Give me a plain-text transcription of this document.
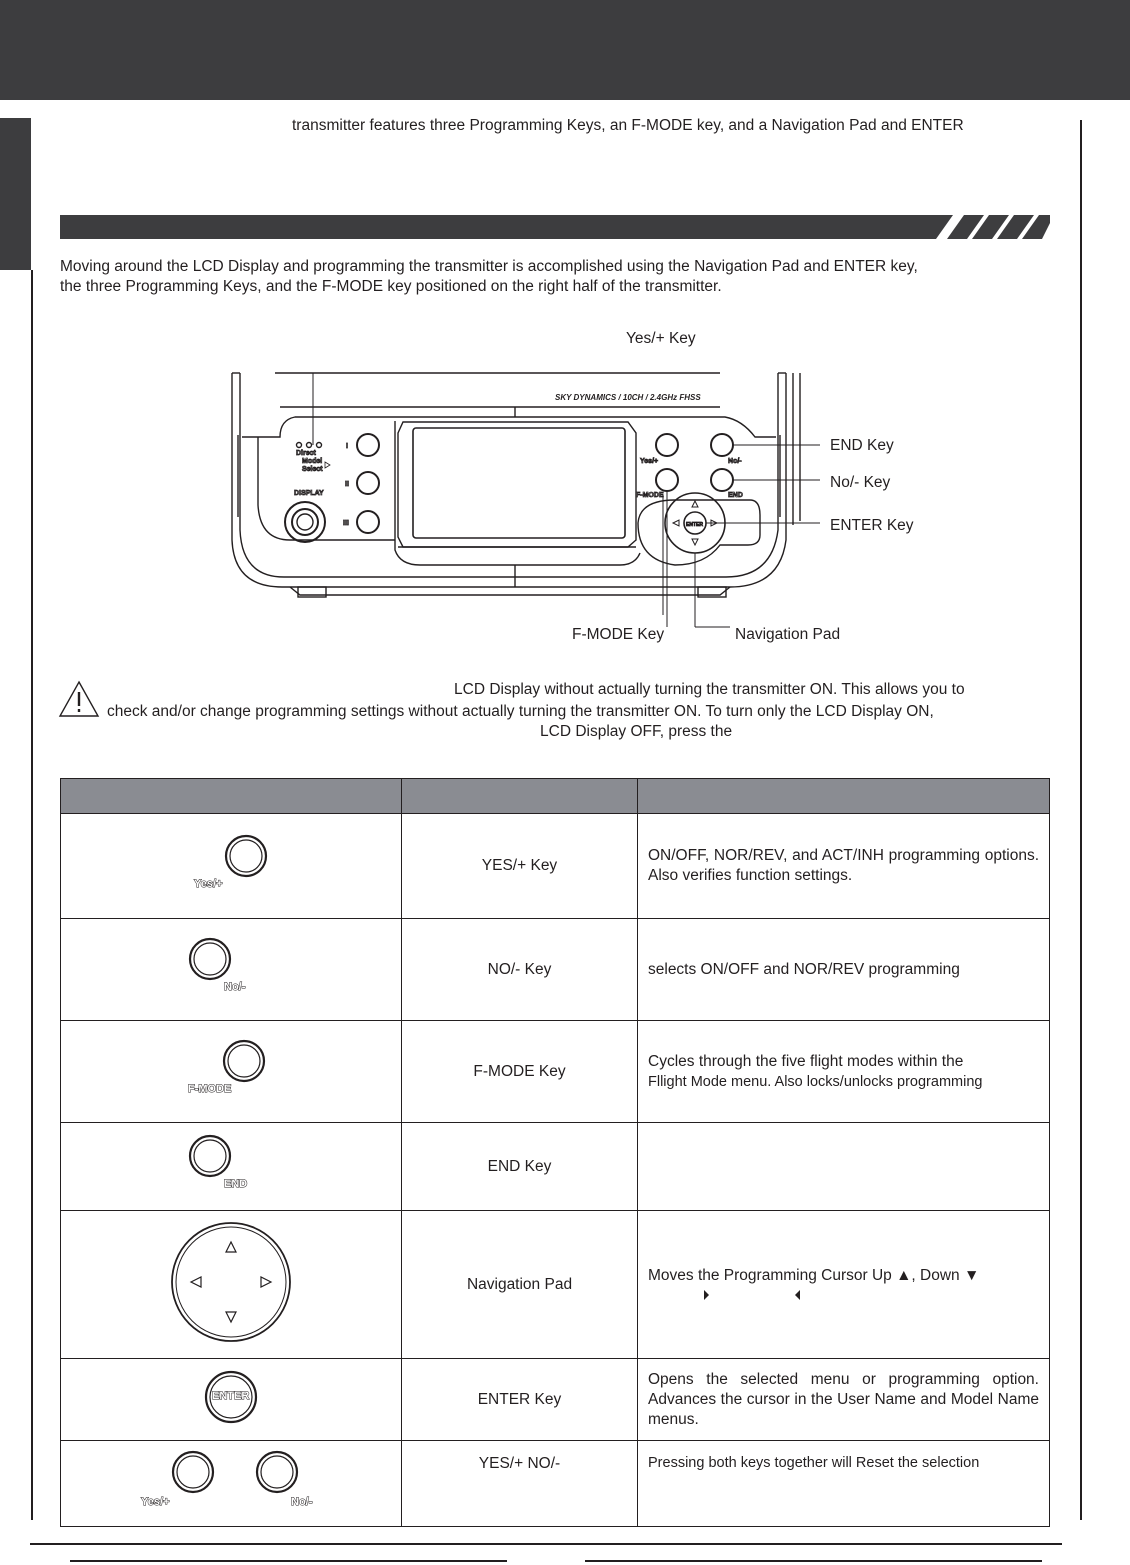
transmitter features three Programming Keys, an F-MODE key, and a Navigation Pad and ENTER
Moving around the LCD Display and programming the transmitter is accomplished using the Navigation Pad and ENTER key,
the three Programming Keys, and the F-MODE key positioned on the right half of the transmitter.
SKY DYNAMICS / 10CH / 2.4GHz FHSS
Direct
Model
Select
DISPLAY
I
II
III
Yes/+	No/-
F-MODE	END
ENTER
Yes/+ Key
END Key
No/- Key
ENTER Key
F-MODE Key	Navigation Pad
LCD Display without actually turning the transmitter ON. This allows you to
check and/or change programming settings without actually turning the transmitter ON. To turn only the LCD Display ON,
LCD Display OFF, press the

Yes/+	YES/+ Key	ON/OFF, NOR/REV, and ACT/INH programming options. Also verifies function settings.

No/-	NO/- Key	selects ON/OFF and NOR/REV programming

F-MODE	F-MODE Key	Cycles through the five flight modes within the
Fllight Mode menu. Also locks/unlocks programming

END	END Key	
	Navigation Pad	Moves the Programming Cursor Up ▲, Down ▼

ENTER	ENTER Key	Opens the selected menu or programming option. Advances the cursor in the User Name and Model Name menus.

Yes/+ No/-	YES/+ NO/-	Pressing both keys together will Reset the selection
